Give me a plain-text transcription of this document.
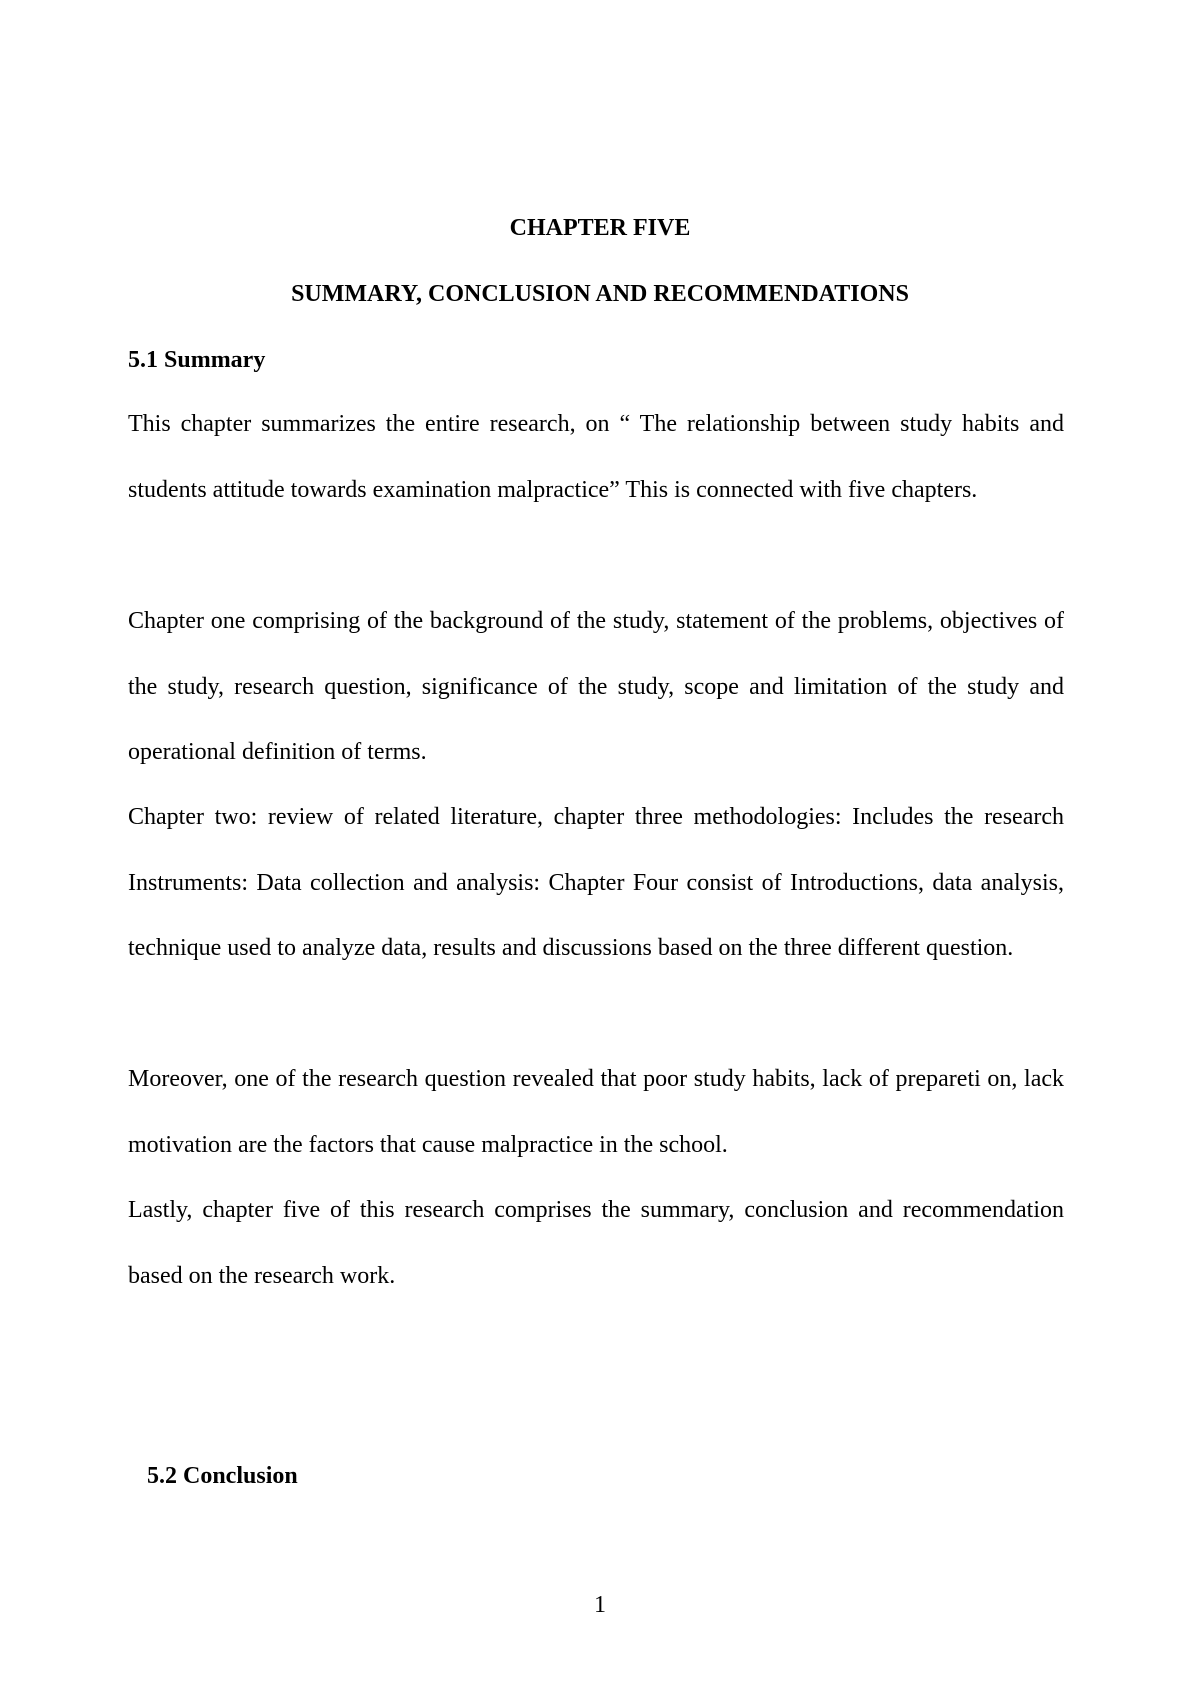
CHAPTER FIVE
SUMMARY, CONCLUSION AND RECOMMENDATIONS
5.1 Summary

This chapter summarizes the entire research, on “ The relationship between study habits and students attitude towards examination malpractice” This is connected with five chapters.

Chapter one comprising of the background of the study, statement of the problems, objectives of the study, research question, significance of the study, scope and limitation of the study and operational definition of terms.

Chapter two: review of related literature, chapter three methodologies: Includes the research Instruments: Data collection and analysis: Chapter Four consist of Introductions, data analysis, technique used to analyze data, results and discussions based on the three different question.

Moreover, one of the research question revealed that poor study habits, lack of prepareti on, lack motivation are the factors that cause malpractice in the school.

Lastly, chapter five of this research comprises the summary, conclusion and recommendation based on the research work.

5.2 Conclusion
1
